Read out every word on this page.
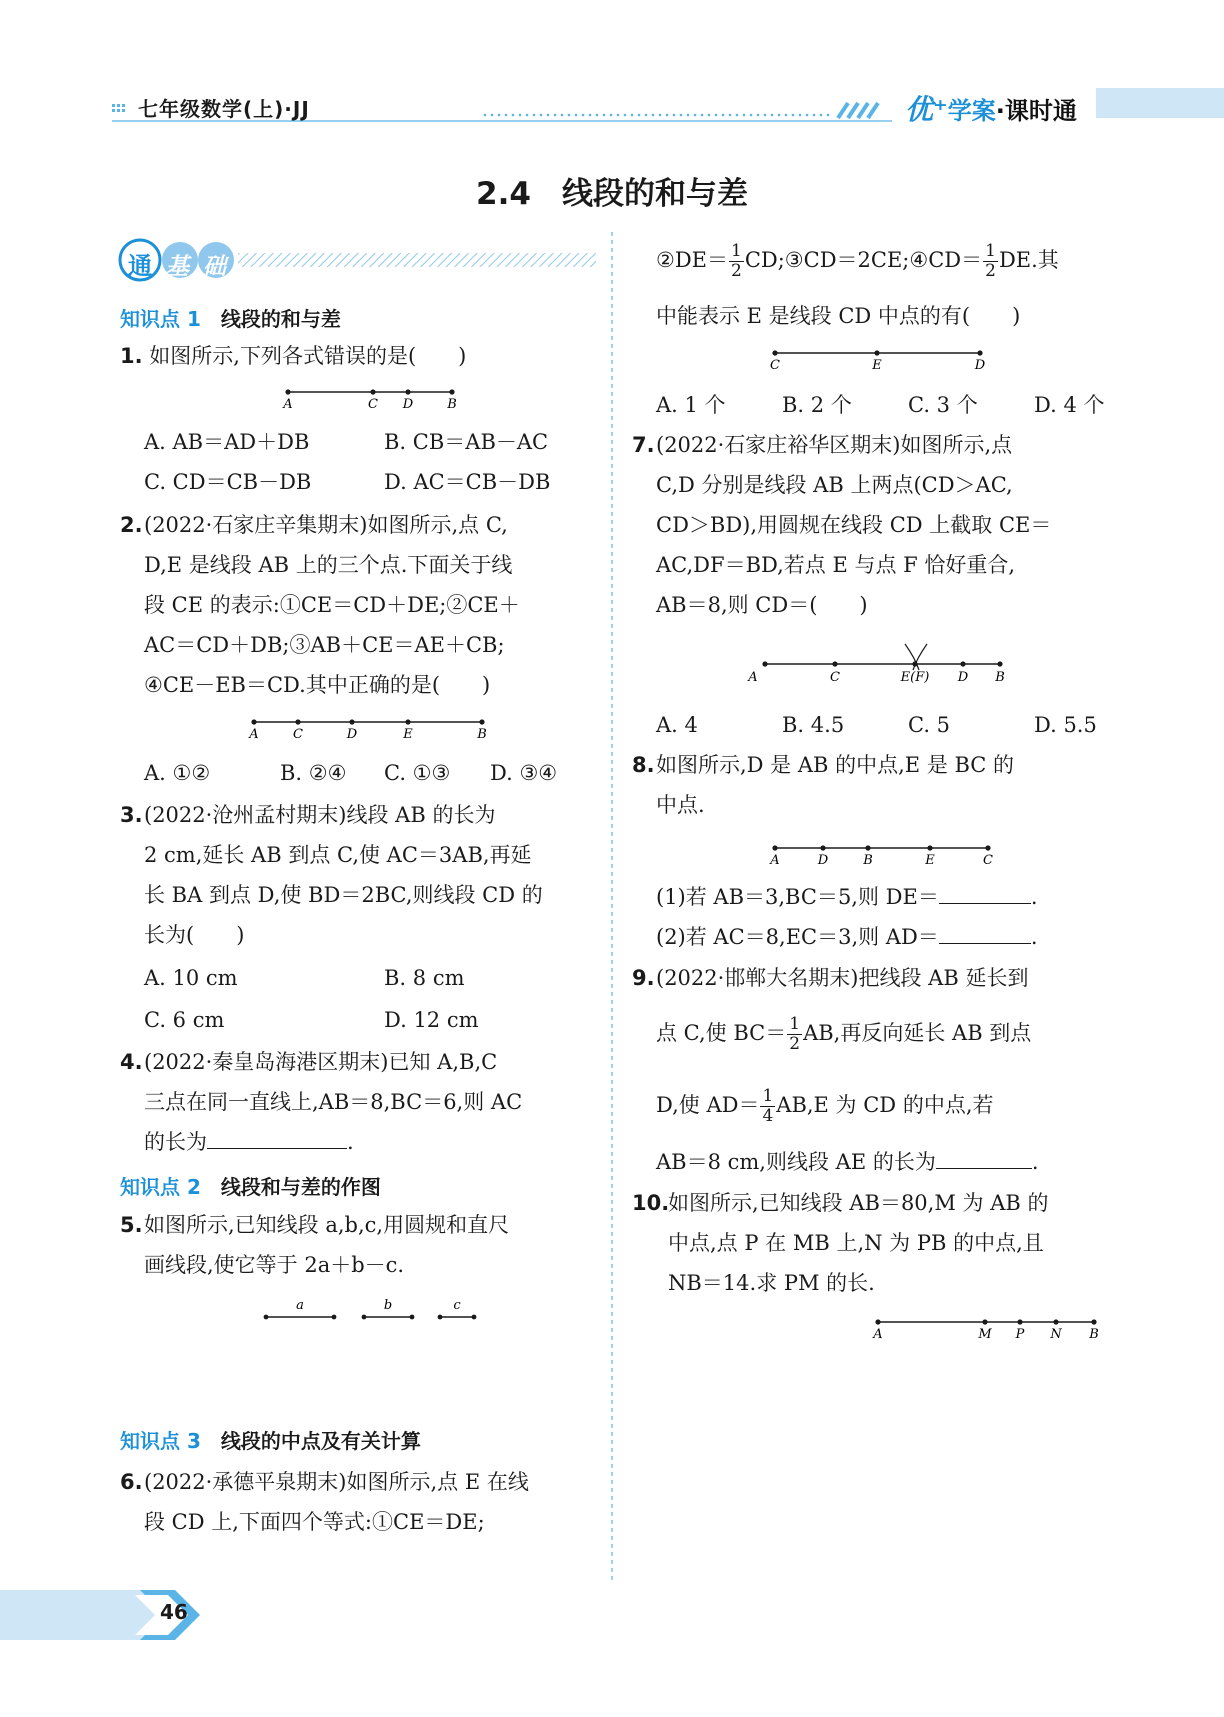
七年级数学(上)·JJ	优⁺学案·课时通
2.4　线段的和与差
通 基础
知识点 1 线段的和与差
1. 如图所示,下列各式错误的是(　　)
A	C D	B
A. AB＝AD＋DB	B. CB＝AB－AC
C. CD＝CB－DB	D. AC＝CB－DB
2. (2022·石家庄辛集期末)如图所示,点 C,
D,E 是线段 AB 上的三个点.下面关于线
段 CE 的表示:①CE＝CD＋DE;②CE＋
AC＝CD＋DB;③AB＋CE＝AE＋CB;
④CE－EB＝CD.其中正确的是(　　)
A	C	D	E	B
A. ①②	B. ②④ C. ①③ D. ③④
3. (2022·沧州孟村期末)线段 AB 的长为
2 cm,延长 AB 到点 C,使 AC＝3AB,再延
长 BA 到点 D,使 BD＝2BC,则线段 CD 的
长为(　　)
A. 10 cm	B. 8 cm
C. 6 cm	D. 12 cm
4. (2022·秦皇岛海港区期末)已知 A,B,C
三点在同一直线上,AB＝8,BC＝6,则 AC
的长为	.
知识点 2 线段和与差的作图
5. 如图所示,已知线段 a,b,c,用圆规和直尺
画线段,使它等于 2a＋b－c.
a	b	c
知识点 3 线段的中点及有关计算
6. (2022·承德平泉期末)如图所示,点 E 在线
段 CD 上,下面四个等式:①CE＝DE;
②DE＝ $\frac{1}{2}$ CD;③CD＝2CE;④CD＝ $\frac{1}{2}$ DE.其
中能表示 E 是线段 CD 中点的有(　　)
C	E	D
A. 1 个	B. 2 个	C. 3 个	D. 4 个
7. (2022·石家庄裕华区期末)如图所示,点
C,D 分别是线段 AB 上两点(CD＞AC,
CD＞BD),用圆规在线段 CD 上截取 CE＝
AC,DF＝BD,若点 E 与点 F 恰好重合,
AB＝8,则 CD＝(　　)
A	C	E(F) D B
A. 4	B. 4.5	C. 5	D. 5.5
8. 如图所示,D 是 AB 的中点,E 是 BC 的
中点.
A	D	B	E	C
(1)若 AB＝3,BC＝5,则 DE＝	.
(2)若 AC＝8,EC＝3,则 AD＝	.
9. (2022·邯郸大名期末)把线段 AB 延长到
点 C,使 $BC= \frac{1}{2}$ AB,再反向延长 AB 到点
D,使 $AD= \frac{1}{4} AB,E$ 为 CD 的中点,若
AB＝8 cm,则线段 AE 的长为	.
10.
如图所示,已知线段 AB＝80,M 为 AB 的
中点,点 P 在 MB 上,N 为 PB 的中点,且
NB＝14.求 PM 的长.
A	M P N B
46
